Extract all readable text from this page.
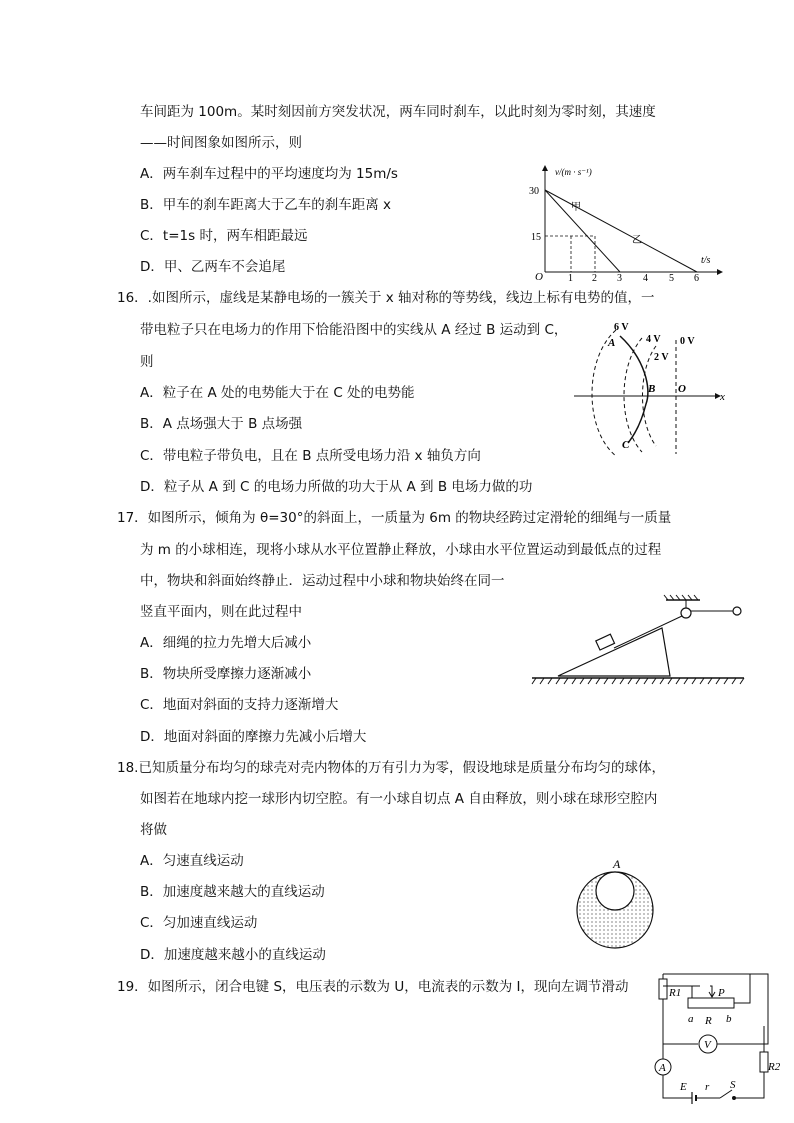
车间距为 100m。某时刻因前方突发状况，两车同时刹车，以此时刻为零时刻，其速度
——时间图象如图所示，则
A．两车刹车过程中的平均速度均为 15m/s
B．甲车的刹车距离大于乙车的刹车距离 x
C．t=1s 时，两车相距最远
D．甲、乙两车不会追尾
v/(m · s⁻¹)
t/s
O
30
15
1 2 3 4 5 6
甲
乙
16．.如图所示，虚线是某静电场的一簇关于 x 轴对称的等势线，线边上标有电势的值，一
带电粒子只在电场力的作用下恰能沿图中的实线从 A 经过 B 运动到 C，
则
A．粒子在 A 处的电势能大于在 C 处的电势能
B．A 点场强大于 B 点场强
C．带电粒子带负电，且在 B 点所受电场力沿 x 轴负方向
D．粒子从 A 到 C 的电场力所做的功大于从 A 到 B 电场力做的功
6 V
4 V
2 V
0 V
A
B O
C
x
17．如图所示，倾角为 θ=30°的斜面上，一质量为 6m 的物块经跨过定滑轮的细绳与一质量
为 m 的小球相连，现将小球从水平位置静止释放，小球由水平位置运动到最低点的过程
中，物块和斜面始终静止．运动过程中小球和物块始终在同一
竖直平面内，则在此过程中
A．细绳的拉力先增大后减小
B．物块所受摩擦力逐渐减小
C．地面对斜面的支持力逐渐增大
D．地面对斜面的摩擦力先减小后增大
18.已知质量分布均匀的球壳对壳内物体的万有引力为零，假设地球是质量分布均匀的球体，
如图若在地球内挖一球形内切空腔。有一小球自切点 A 自由释放，则小球在球形空腔内
将做
A．匀速直线运动
B．加速度越来越大的直线运动
C．匀加速直线运动
D．加速度越来越小的直线运动
A
19．如图所示，闭合电键 S，电压表的示数为 U，电流表的示数为 I，现向左调节滑动	R1	P
a R b
V
A	R2
E r S
